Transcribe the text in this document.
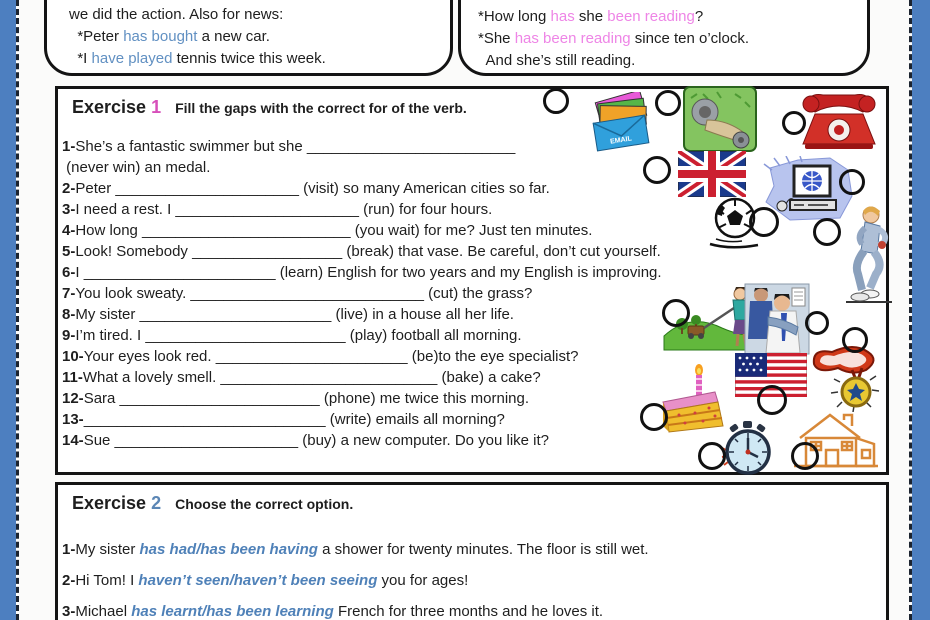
we did the action. Also for news:
*Peter has bought a new car.
*I have played tennis twice this week.
*How long has she been reading?
*She has been reading since ten o’clock.
And she’s still reading.
Exercise 1 Fill the gaps with the correct for of the verb.
1-She’s a fantastic swimmer but she _________________________
(never win) an medal.
2-Peter ______________________ (visit) so many American cities so far.
3-I need a rest. I ______________________ (run) for four hours.
4-How long _________________________ (you wait) for me? Just ten minutes.
5-Look! Somebody __________________ (break) that vase. Be careful, don’t cut yourself.
6-I _______________________ (learn) English for two years and my English is improving.
7-You look sweaty. ____________________________ (cut) the grass?
8-My sister _______________________ (live) in a house all her life.
9-I’m tired. I ________________________ (play) football all morning.
10-Your eyes look red. _______________________ (be)to the eye specialist?
11-What a lovely smell. __________________________ (bake) a cake?
12-Sara ________________________ (phone) me twice this morning.
13-_____________________________ (write) emails all morning?
14-Sue ______________________ (buy) a new computer. Do you like it?
Exercise 2 Choose the correct option.
1-My sister has had/has been having a shower for twenty minutes. The floor is still wet.
2-Hi Tom! I haven’t seen/haven’t been seeing you for ages!
3-Michael has learnt/has been learning French for three months and he loves it.
EMAIL
